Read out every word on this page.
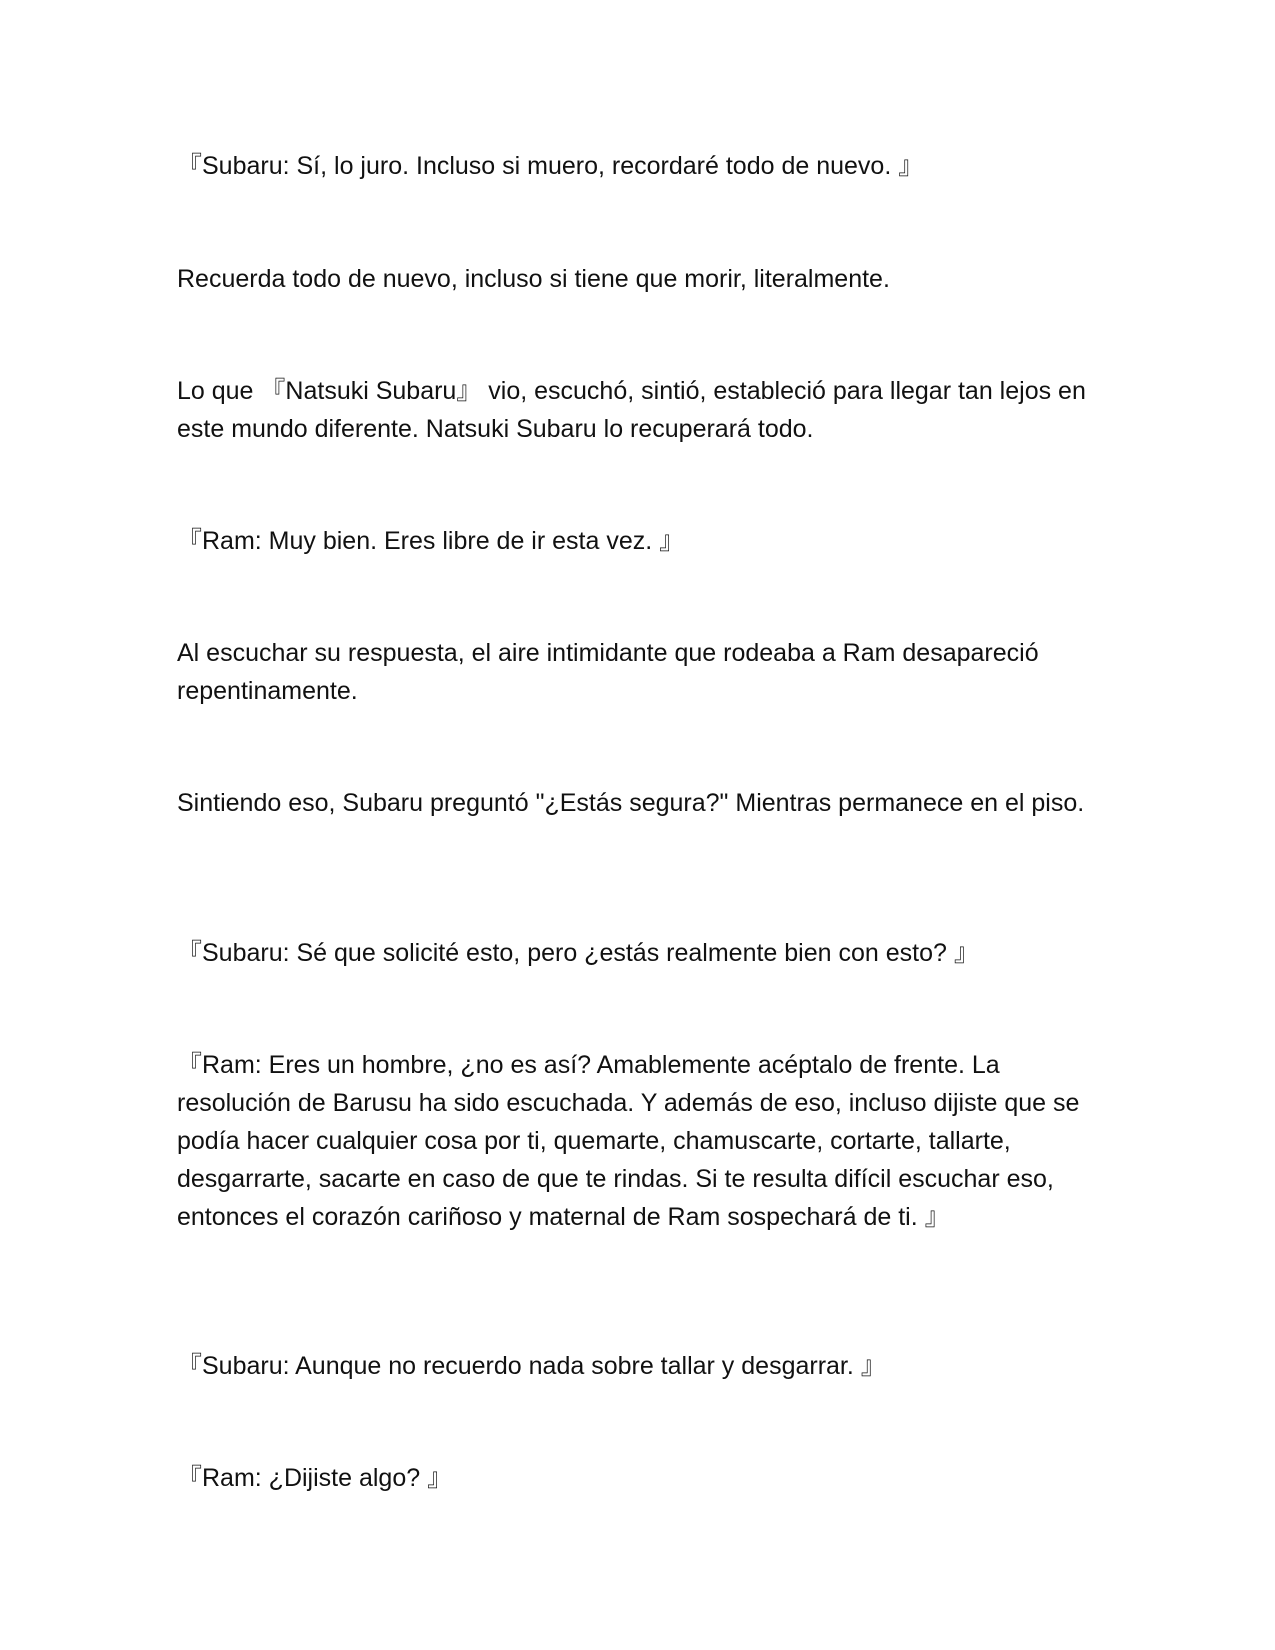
『Subaru: Sí, lo juro. Incluso si muero, recordaré todo de nuevo. 』

Recuerda todo de nuevo, incluso si tiene que morir, literalmente.

Lo que 『Natsuki Subaru』 vio, escuchó, sintió, estableció para llegar tan lejos en este mundo diferente. Natsuki Subaru lo recuperará todo.

『Ram: Muy bien. Eres libre de ir esta vez. 』

Al escuchar su respuesta, el aire intimidante que rodeaba a Ram desapareció repentinamente.

Sintiendo eso, Subaru preguntó "¿Estás segura?" Mientras permanece en el piso.

『Subaru: Sé que solicité esto, pero ¿estás realmente bien con esto? 』

『Ram: Eres un hombre, ¿no es así? Amablemente acéptalo de frente. La resolución de Barusu ha sido escuchada. Y además de eso, incluso dijiste que se podía hacer cualquier cosa por ti, quemarte, chamuscarte, cortarte, tallarte, desgarrarte, sacarte en caso de que te rindas. Si te resulta difícil escuchar eso, entonces el corazón cariñoso y maternal de Ram sospechará de ti. 』

『Subaru: Aunque no recuerdo nada sobre tallar y desgarrar. 』

『Ram: ¿Dijiste algo? 』
